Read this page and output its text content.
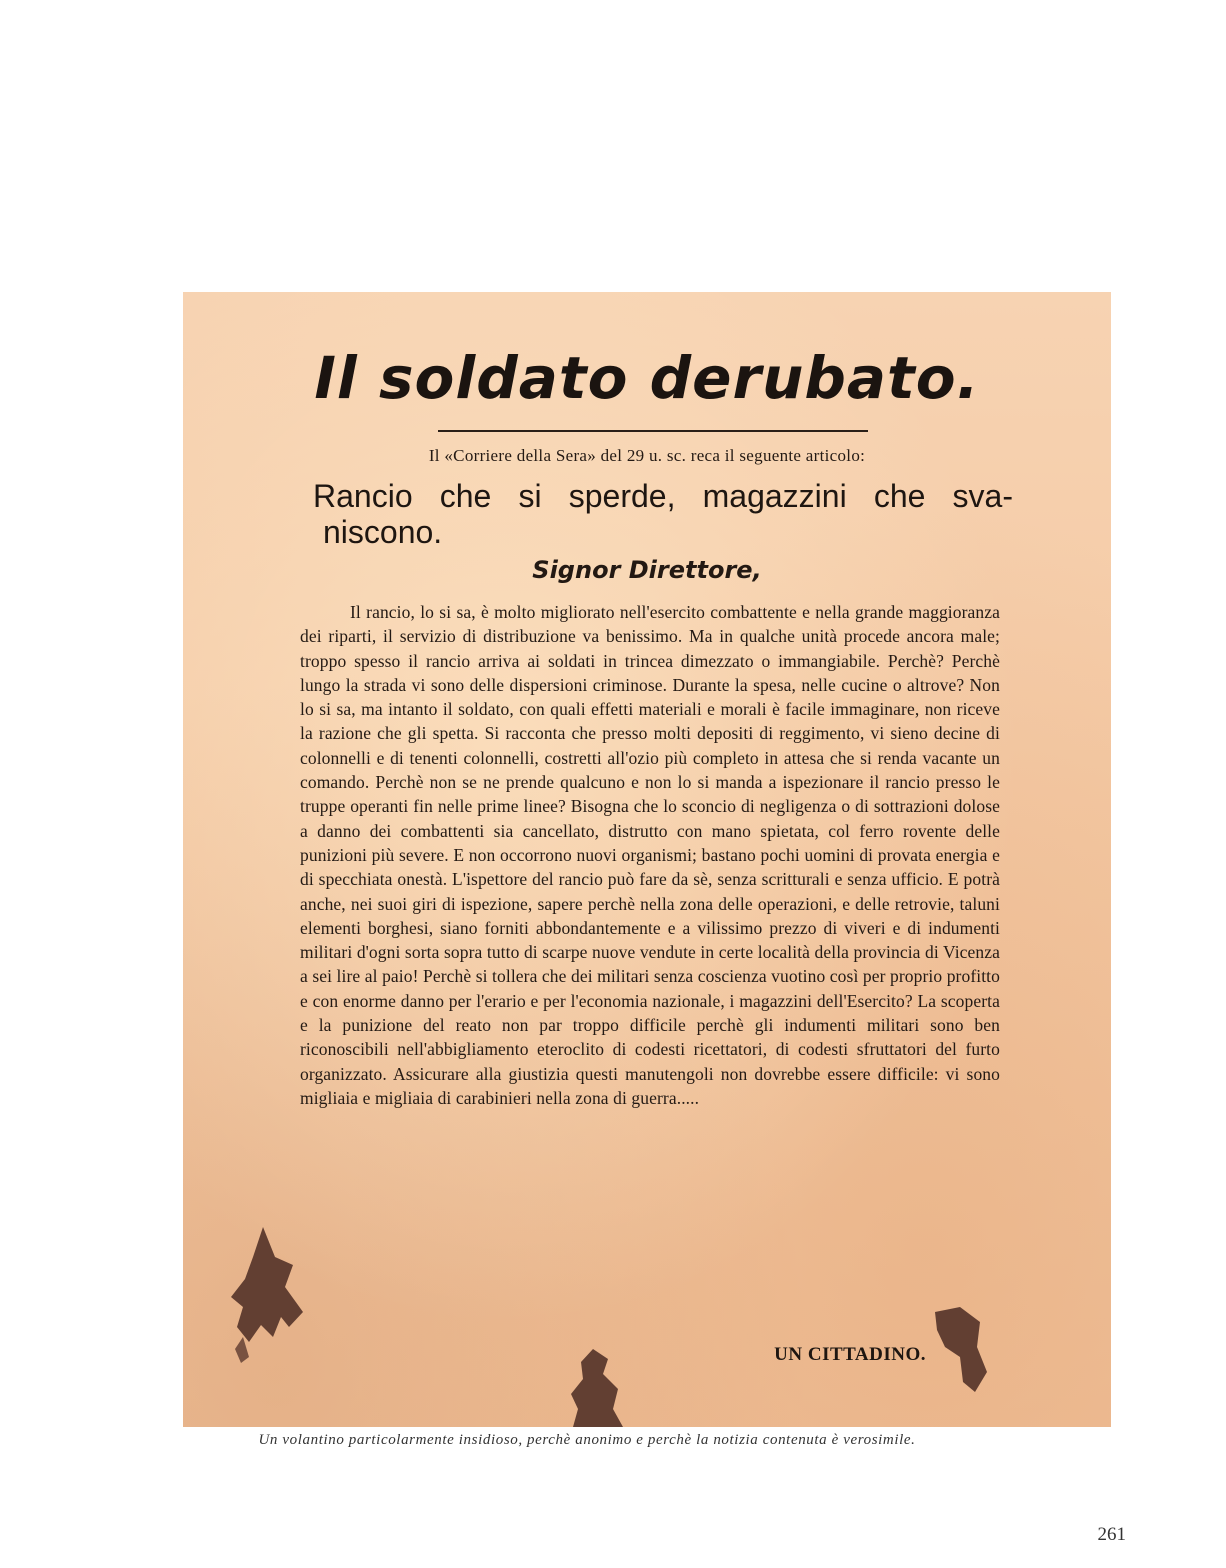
Il soldato derubato.

Il «Corriere della Sera» del 29 u. sc. reca il seguente articolo:

Rancio che si sperde, magazzini che sva-

niscono.

Signor Direttore,

Il rancio, lo si sa, è molto migliorato nell'esercito combattente e nella grande maggioranza dei riparti, il servizio di distribuzione va benissimo. Ma in qualche unità procede ancora male; troppo spesso il rancio arriva ai soldati in trincea dimezzato o immangiabile. Perchè? Perchè lungo la strada vi sono delle dispersioni criminose. Durante la spesa, nelle cucine o altrove? Non lo si sa, ma intanto il soldato, con quali effetti materiali e morali è facile immaginare, non riceve la razione che gli spetta. Si racconta che presso molti depositi di reggimento, vi sieno decine di colonnelli e di tenenti colonnelli, costretti all'ozio più completo in attesa che si renda vacante un comando. Perchè non se ne prende qualcuno e non lo si manda a ispezionare il rancio presso le truppe operanti fin nelle prime linee? Bisogna che lo sconcio di negligenza o di sottrazioni dolose a danno dei combattenti sia cancellato, distrutto con mano spietata, col ferro rovente delle punizioni più severe. E non occorrono nuovi organismi; bastano pochi uomini di provata energia e di specchiata onestà. L'ispettore del rancio può fare da sè, senza scritturali e senza ufficio. E potrà anche, nei suoi giri di ispezione, sapere perchè nella zona delle operazioni, e delle retrovie, taluni elementi borghesi, siano forniti abbondantemente e a vilissimo prezzo di viveri e di indumenti militari d'ogni sorta sopra tutto di scarpe nuove vendute in certe località della provincia di Vicenza a sei lire al paio! Perchè si tollera che dei militari senza coscienza vuotino così per proprio profitto e con enorme danno per l'erario e per l'economia nazionale, i magazzini dell'Esercito? La scoperta e la punizione del reato non par troppo difficile perchè gli indumenti militari sono ben riconoscibili nell'abbigliamento eteroclito di codesti ricettatori, di codesti sfruttatori del furto organizzato. Assicurare alla giustizia questi manutengoli non dovrebbe essere difficile: vi sono migliaia e migliaia di carabinieri nella zona di guerra.....

UN CITTADINO.

Un volantino particolarmente insidioso, perchè anonimo e perchè la notizia contenuta è verosimile.

261
